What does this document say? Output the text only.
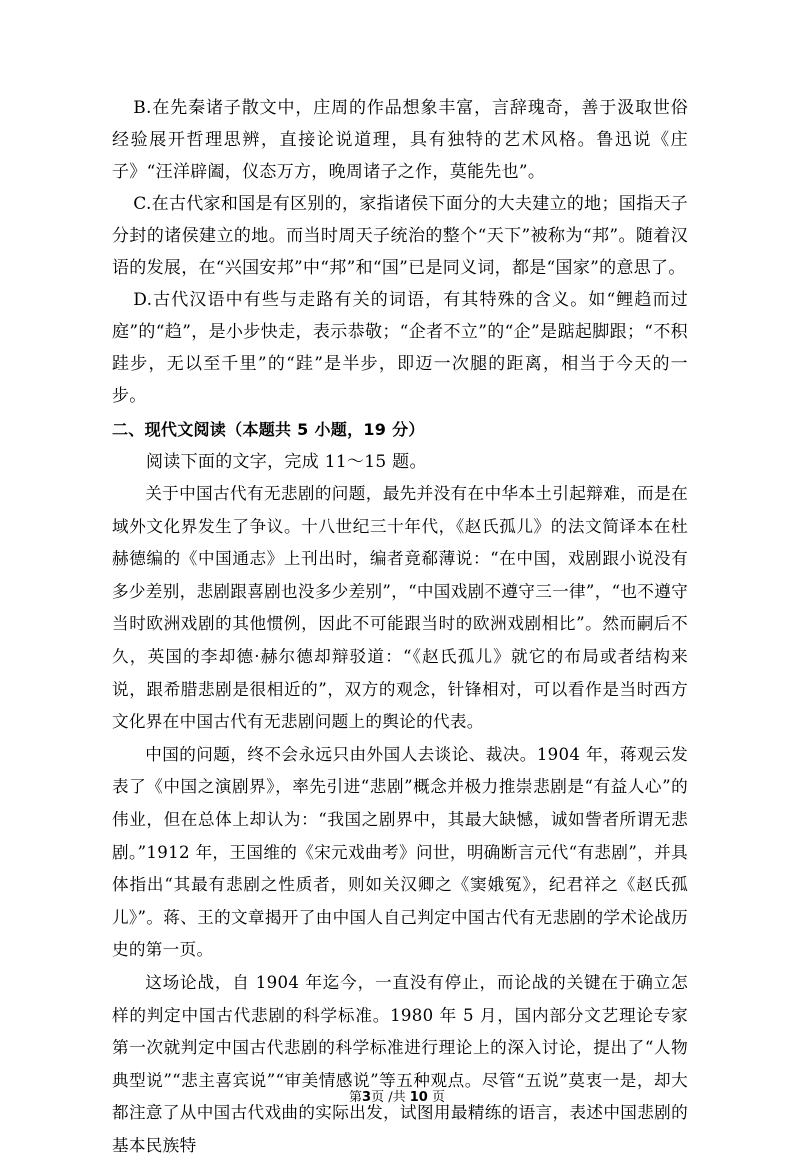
B.在先秦诸子散文中，庄周的作品想象丰富，言辞瑰奇，善于汲取世俗经验展开哲理思辨，直接论说道理，具有独特的艺术风格。鲁迅说《庄子》“汪洋辟阖，仪态万方，晚周诸子之作，莫能先也”。

C.在古代家和国是有区别的，家指诸侯下面分的大夫建立的地；国指天子分封的诸侯建立的地。而当时周天子统治的整个“天下”被称为“邦”。随着汉语的发展，在“兴国安邦”中“邦”和“国”已是同义词，都是“国家”的意思了。

D.古代汉语中有些与走路有关的词语，有其特殊的含义。如“鲤趋而过庭”的“趋”，是小步快走，表示恭敬；“企者不立”的“企”是踮起脚跟；“不积跬步，无以至千里”的“跬”是半步，即迈一次腿的距离，相当于今天的一步。

二、现代文阅读（本题共 5 小题，19 分）

阅读下面的文字，完成 11～15 题。

关于中国古代有无悲剧的问题，最先并没有在中华本土引起辩难，而是在域外文化界发生了争议。十八世纪三十年代，《赵氏孤儿》的法文简译本在杜赫德编的《中国通志》上刊出时，编者竟郗薄说：“在中国，戏剧跟小说没有多少差别，悲剧跟喜剧也没多少差别”，“中国戏剧不遵守三一律”，“也不遵守当时欧洲戏剧的其他惯例，因此不可能跟当时的欧洲戏剧相比”。然而嗣后不久，英国的李却德·赫尔德却辩驳道：“《赵氏孤儿》就它的布局或者结构来说，跟希腊悲剧是很相近的”，双方的观念，针锋相对，可以看作是当时西方文化界在中国古代有无悲剧问题上的舆论的代表。

中国的问题，终不会永远只由外国人去谈论、裁决。1904 年，蒋观云发表了《中国之演剧界》，率先引进“悲剧”概念并极力推崇悲剧是“有益人心”的伟业，但在总体上却认为：“我国之剧界中，其最大缺憾，诚如訾者所谓无悲剧。”1912 年，王国维的《宋元戏曲考》问世，明确断言元代“有悲剧”，并具体指出“其最有悲剧之性质者，则如关汉卿之《窦娥冤》，纪君祥之《赵氏孤儿》”。蒋、王的文章揭开了由中国人自己判定中国古代有无悲剧的学术论战历史的第一页。

这场论战，自 1904 年迄今，一直没有停止，而论战的关键在于确立怎样的判定中国古代悲剧的科学标准。1980 年 5 月，国内部分文艺理论专家第一次就判定中国古代悲剧的科学标准进行理论上的深入讨论，提出了“人物典型说”“悲主喜宾说”“审美情感说”等五种观点。尽管“五说”莫衷一是，却大都注意了从中国古代戏曲的实际出发，试图用最精练的语言，表述中国悲剧的基本民族特

第3页 /共 10 页
